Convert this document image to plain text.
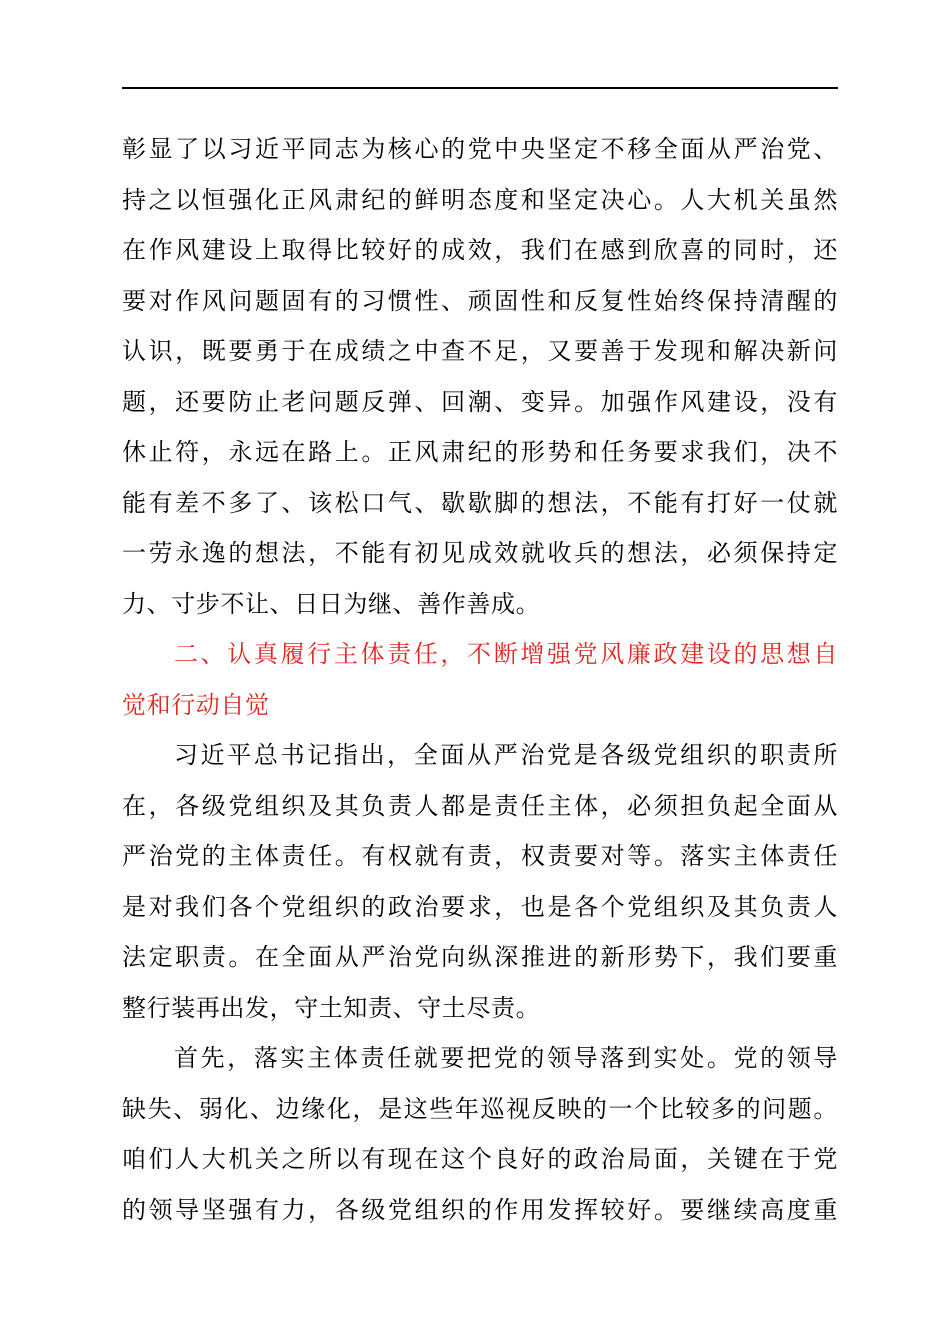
彰显了以习近平同志为核心的党中央坚定不移全面从严治党、

持之以恒强化正风肃纪的鲜明态度和坚定决心。人大机关虽然

在作风建设上取得比较好的成效，我们在感到欣喜的同时，还

要对作风问题固有的习惯性、顽固性和反复性始终保持清醒的

认识，既要勇于在成绩之中查不足，又要善于发现和解决新问

题，还要防止老问题反弹、回潮、变异。加强作风建设，没有

休止符，永远在路上。正风肃纪的形势和任务要求我们，决不

能有差不多了、该松口气、歇歇脚的想法，不能有打好一仗就

一劳永逸的想法，不能有初见成效就收兵的想法，必须保持定

力、寸步不让、日日为继、善作善成。

二、认真履行主体责任，不断增强党风廉政建设的思想自

觉和行动自觉

习近平总书记指出，全面从严治党是各级党组织的职责所

在，各级党组织及其负责人都是责任主体，必须担负起全面从

严治党的主体责任。有权就有责，权责要对等。落实主体责任

是对我们各个党组织的政治要求，也是各个党组织及其负责人

法定职责。在全面从严治党向纵深推进的新形势下，我们要重

整行装再出发，守土知责、守土尽责。

首先，落实主体责任就要把党的领导落到实处。党的领导

缺失、弱化、边缘化，是这些年巡视反映的一个比较多的问题。

咱们人大机关之所以有现在这个良好的政治局面，关键在于党

的领导坚强有力，各级党组织的作用发挥较好。要继续高度重
